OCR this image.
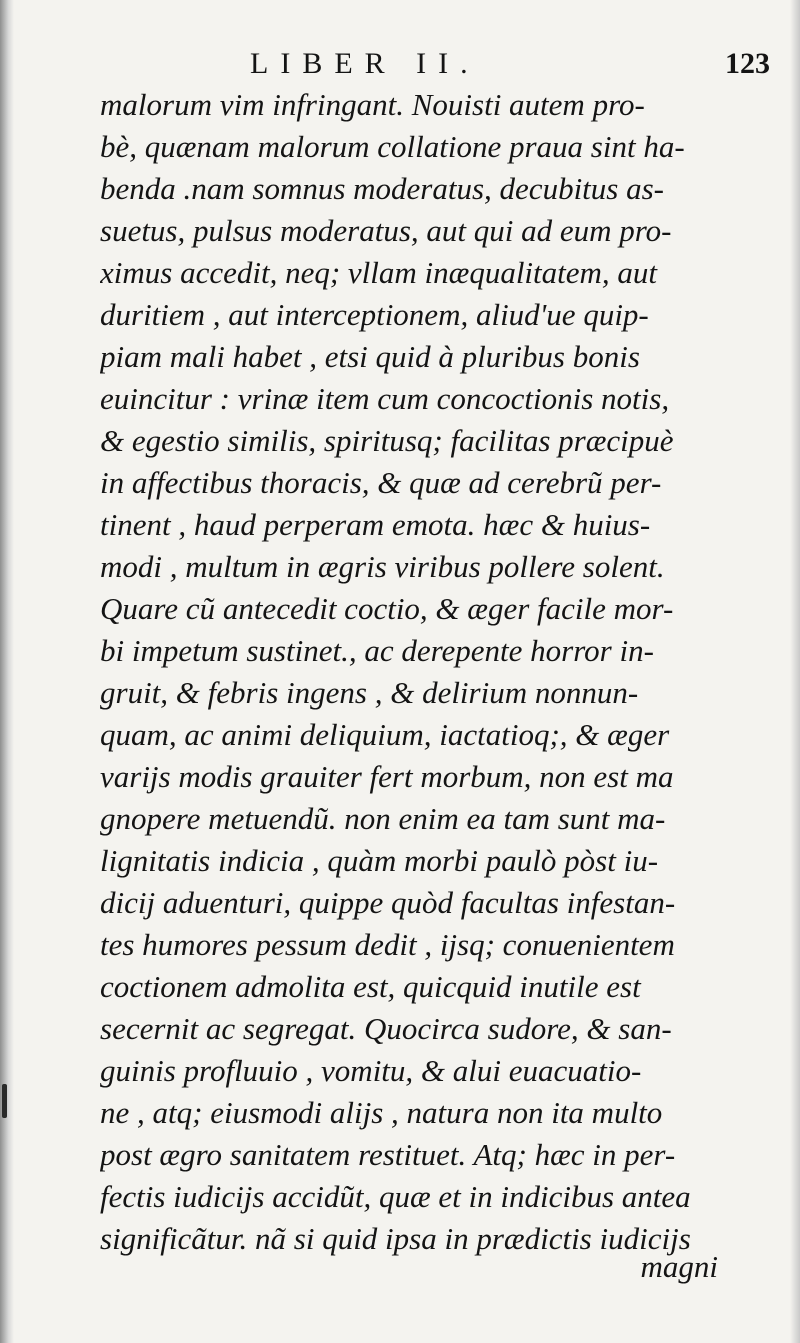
LIBER II.	123
malorum vim infringant. Nouisti autem pro-
bè, quænam malorum collatione praua sint ha-
benda .nam somnus moderatus, decubitus as-
suetus, pulsus moderatus, aut qui ad eum pro-
ximus accedit, neq; vllam inæqualitatem, aut
duritiem , aut interceptionem, aliud'ue quip-
piam mali habet , etsi quid à pluribus bonis
euincitur : vrinæ item cum concoctionis notis,
& egestio similis, spiritusq; facilitas præcipuè
in affectibus thoracis, & quæ ad cerebrũ per-
tinent , haud perperam emota. hæc & huius-
modi , multum in ægris viribus pollere solent.
Quare cũ antecedit coctio, & æger facile mor-
bi impetum sustinet., ac derepente horror in-
gruit, & febris ingens , & delirium nonnun-
quam, ac animi deliquium, iactatioq;, & æger
varijs modis grauiter fert morbum, non est ma
gnopere metuendũ. non enim ea tam sunt ma-
lignitatis indicia , quàm morbi paulò pòst iu-
dicij aduenturi, quippe quòd facultas infestan-
tes humores pessum dedit , ijsq; conuenientem
coctionem admolita est, quicquid inutile est
secernit ac segregat. Quocirca sudore, & san-
guinis profluuio , vomitu, & alui euacuatio-
ne , atq; eiusmodi alijs , natura non ita multo
post ægro sanitatem restituet. Atq; hæc in per-
fectis iudicijs accidũt, quæ et in indicibus antea
significãtur. nã si quid ipsa in prædictis iudicijs
magni
